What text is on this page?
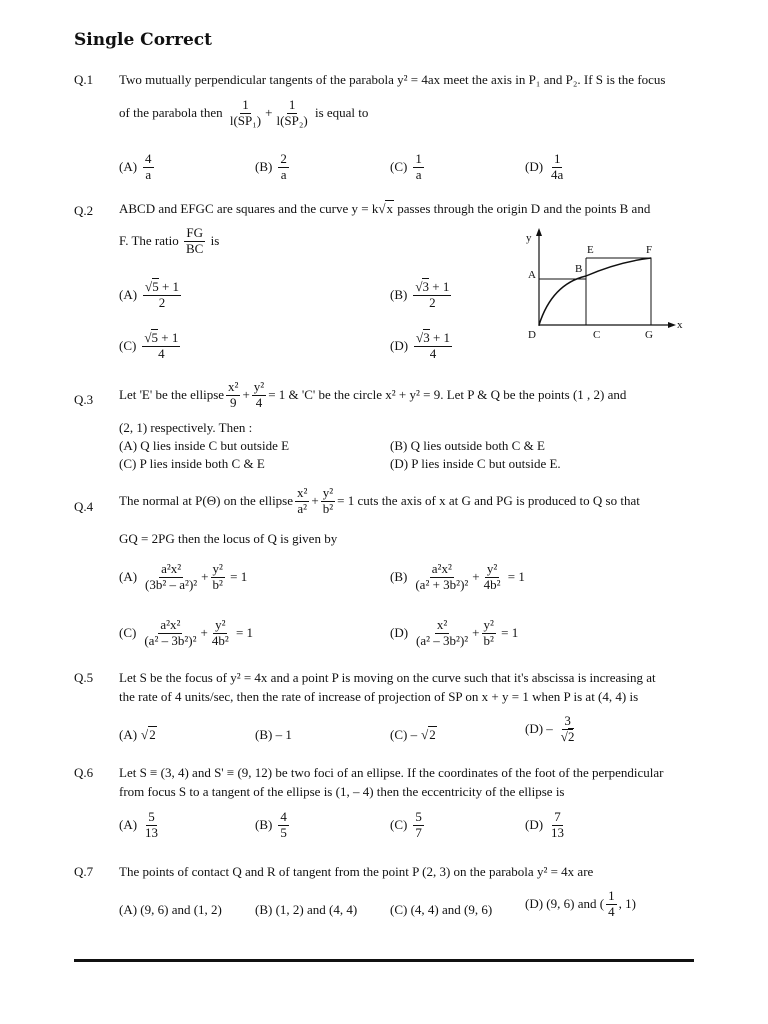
Single Correct
Q.1 Two mutually perpendicular tangents of the parabola y² = 4ax meet the axis in P₁ and P₂. If S is the focus
of the parabola then
$\frac{1}{\text{l(SP₁)}} + \frac{1}{\text{l(SP₂)}}$
is equal to
$(A) \frac{4}{a}$	$(B) \frac{2}{a}$	$(C) \frac{1}{a}$	$(D) \frac{1}{4a}$
Q.2 ABCD and EFGC are squares and the curve y = k √x
passes through the origin D and the points B and
F. The ratio
$\frac{FG}{BC}$
is
$(A) \frac{√5 + 1}{2}$	$(B) \frac{√3 + 1}{2}$
$(C) \frac{√5 + 1}{4}$	$(D) \frac{√3 + 1}{4}$
y
x
A	B
C
D
E	F
G
Q.3 Let 'E' be the ellipse $\frac{\text{x²}}{9} + \frac{\text{y²}}{4} = 1$ & 'C' be the circle x² + y² = 9. Let P & Q be the points (1 , 2) and
(2, 1) respectively. Then :
(A) Q lies inside C but outside E	(B) Q lies outside both C & E
(C) P lies inside both C & E	(D) P lies inside C but outside E.
Q.4 The normal at P(Θ) on the ellipse $\frac{\text{x²}}{\text{a²}} + \frac{\text{y²}}{\text{b²}} = 1$ cuts the axis of x at G and PG is produced to Q so that
GQ = 2PG then the locus of Q is given by
$(A) \frac{\text{a²x²}}{\text{(3b² – a²)²}} + \frac{\text{y²}}{\text{b²}}$
= 1	$(B) \frac{\text{a²x²}}{\text{(a² + 3b²)²}} + \frac{\text{y²}}{\text{4b²}}$
= 1
$(C) \frac{\text{a²x²}}{\text{(a² – 3b²)²}} + \frac{\text{y²}}{\text{4b²}}$
= 1	$(D) \frac{\text{x²}}{\text{(a² – 3b²)²}} + \frac{\text{y²}}{\text{b²}}$
= 1
Q.5 Let S be the focus of y² = 4x and a point P is moving on the curve such that it's abscissa is increasing at
the rate of 4 units/sec, then the rate of increase of projection of SP on x + y = 1 when P is at (4, 4) is
(A) √2	(B) – 1	(C) – √2	$(D) - \frac{3}{√2}$
Q.6 Let S ≡ (3, 4) and S' ≡ (9, 12) be two foci of an ellipse. If the coordinates of the foot of the perpendicular
from focus S to a tangent of the ellipse is (1, – 4) then the eccentricity of the ellipse is
$(A) \frac{5}{13}$	$(B) \frac{4}{5}$	$(C) \frac{5}{7}$	$(D) \frac{7}{13}$
Q.7 The points of contact Q and R of tangent from the point P (2, 3) on the parabola y² = 4x are
(A) (9, 6) and (1, 2)	(B) (1, 2) and (4, 4)	(C) (4, 4) and (9, 6)	(D) (9, 6) and ( $\frac{1}{4}$ , 1)
